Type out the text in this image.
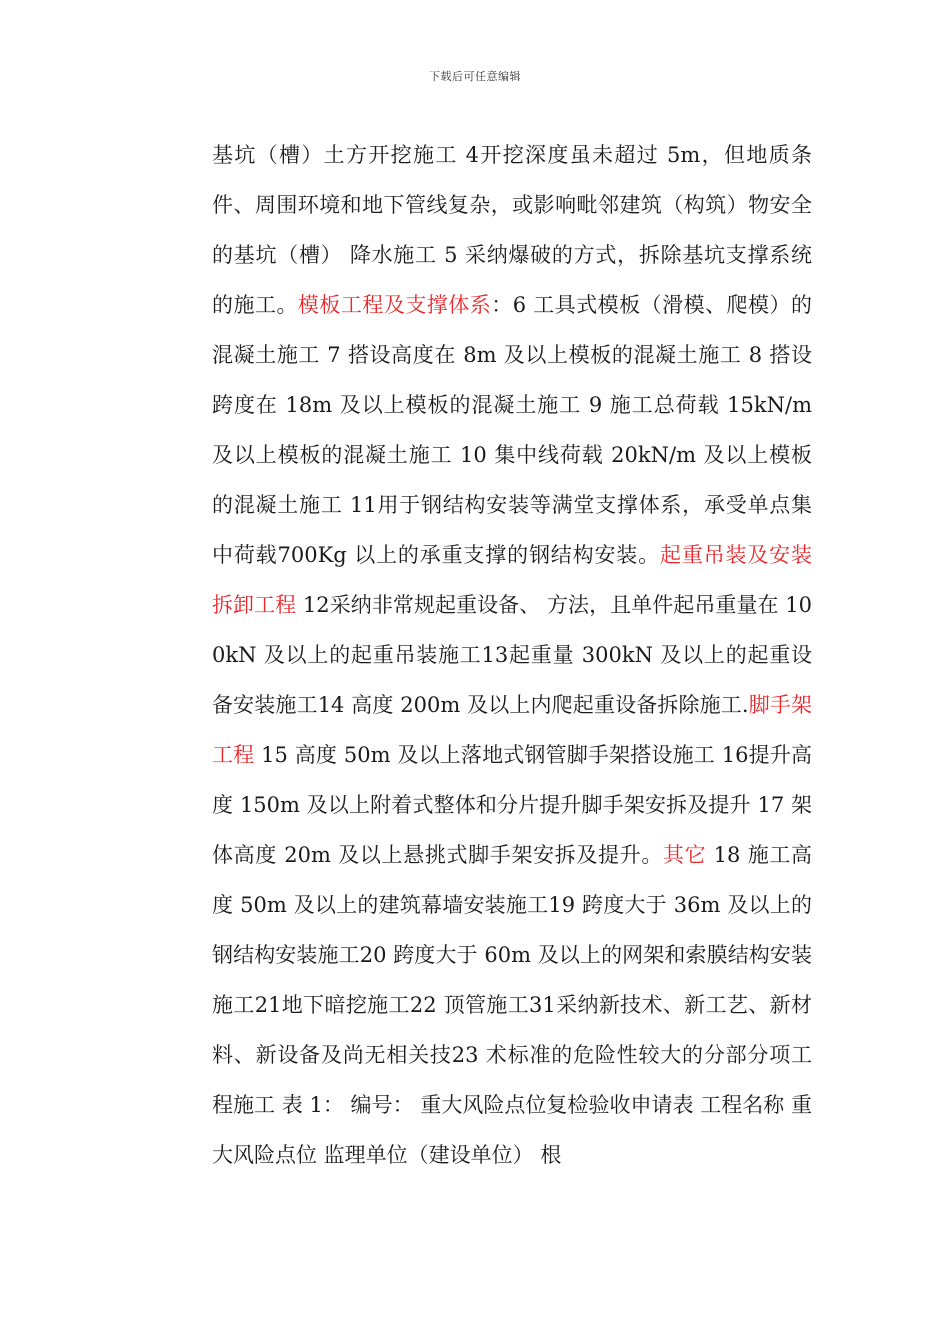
下载后可任意编辑

基坑（槽）土方开挖施工 4开挖深度虽未超过 5m，但地质条件、周围环境和地下管线复杂，或影响毗邻建筑（构筑）物安全的基坑（槽） 降水施工 5 采纳爆破的方式，拆除基坑支撑系统的施工。模板工程及支撑体系：6 工具式模板（滑模、爬模）的混凝土施工 7 搭设高度在 8m 及以上模板的混凝土施工 8 搭设跨度在 18m 及以上模板的混凝土施工 9 施工总荷载 15kN/m 及以上模板的混凝土施工 10 集中线荷载 20kN/m 及以上模板的混凝土施工 11用于钢结构安装等满堂支撑体系，承受单点集中荷载700Kg 以上的承重支撑的钢结构安装。起重吊装及安装拆卸工程 12采纳非常规起重设备、 方法，且单件起吊重量在 100kN 及以上的起重吊装施工13起重量 300kN 及以上的起重设备安装施工14 高度 200m 及以上内爬起重设备拆除施工.脚手架工程 15 高度 50m 及以上落地式钢管脚手架搭设施工 16提升高度 150m 及以上附着式整体和分片提升脚手架安拆及提升 17 架体高度 20m 及以上悬挑式脚手架安拆及提升。其它 18 施工高度 50m 及以上的建筑幕墙安装施工19 跨度大于 36m 及以上的钢结构安装施工20 跨度大于 60m 及以上的网架和索膜结构安装施工21地下暗挖施工22 顶管施工31采纳新技术、新工艺、新材料、新设备及尚无相关技23 术标准的危险性较大的分部分项工程施工 表 1： 编号： 重大风险点位复检验收申请表 工程名称 重大风险点位 监理单位（建设单位） 根
